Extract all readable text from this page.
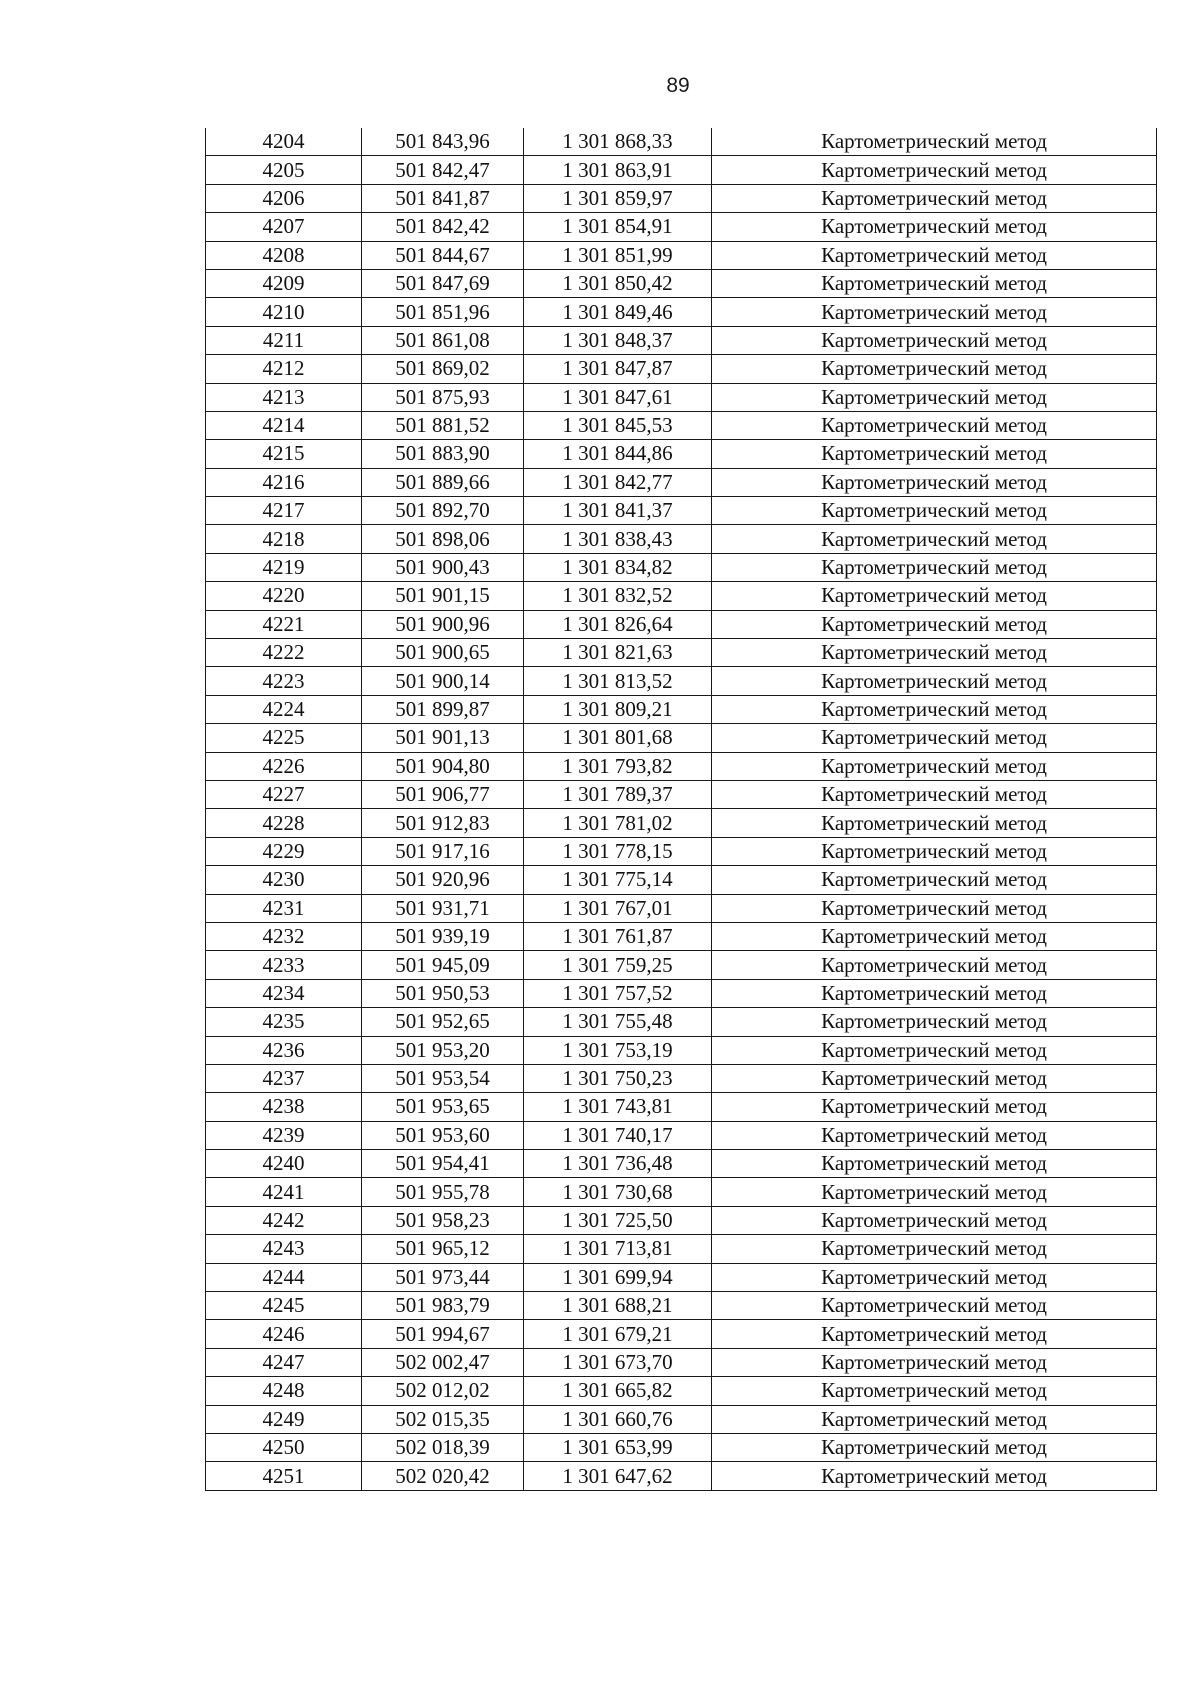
89
4204	501 843,96	1 301 868,33	Картометрический метод
4205	501 842,47	1 301 863,91	Картометрический метод
4206	501 841,87	1 301 859,97	Картометрический метод
4207	501 842,42	1 301 854,91	Картометрический метод
4208	501 844,67	1 301 851,99	Картометрический метод
4209	501 847,69	1 301 850,42	Картометрический метод
4210	501 851,96	1 301 849,46	Картометрический метод
4211	501 861,08	1 301 848,37	Картометрический метод
4212	501 869,02	1 301 847,87	Картометрический метод
4213	501 875,93	1 301 847,61	Картометрический метод
4214	501 881,52	1 301 845,53	Картометрический метод
4215	501 883,90	1 301 844,86	Картометрический метод
4216	501 889,66	1 301 842,77	Картометрический метод
4217	501 892,70	1 301 841,37	Картометрический метод
4218	501 898,06	1 301 838,43	Картометрический метод
4219	501 900,43	1 301 834,82	Картометрический метод
4220	501 901,15	1 301 832,52	Картометрический метод
4221	501 900,96	1 301 826,64	Картометрический метод
4222	501 900,65	1 301 821,63	Картометрический метод
4223	501 900,14	1 301 813,52	Картометрический метод
4224	501 899,87	1 301 809,21	Картометрический метод
4225	501 901,13	1 301 801,68	Картометрический метод
4226	501 904,80	1 301 793,82	Картометрический метод
4227	501 906,77	1 301 789,37	Картометрический метод
4228	501 912,83	1 301 781,02	Картометрический метод
4229	501 917,16	1 301 778,15	Картометрический метод
4230	501 920,96	1 301 775,14	Картометрический метод
4231	501 931,71	1 301 767,01	Картометрический метод
4232	501 939,19	1 301 761,87	Картометрический метод
4233	501 945,09	1 301 759,25	Картометрический метод
4234	501 950,53	1 301 757,52	Картометрический метод
4235	501 952,65	1 301 755,48	Картометрический метод
4236	501 953,20	1 301 753,19	Картометрический метод
4237	501 953,54	1 301 750,23	Картометрический метод
4238	501 953,65	1 301 743,81	Картометрический метод
4239	501 953,60	1 301 740,17	Картометрический метод
4240	501 954,41	1 301 736,48	Картометрический метод
4241	501 955,78	1 301 730,68	Картометрический метод
4242	501 958,23	1 301 725,50	Картометрический метод
4243	501 965,12	1 301 713,81	Картометрический метод
4244	501 973,44	1 301 699,94	Картометрический метод
4245	501 983,79	1 301 688,21	Картометрический метод
4246	501 994,67	1 301 679,21	Картометрический метод
4247	502 002,47	1 301 673,70	Картометрический метод
4248	502 012,02	1 301 665,82	Картометрический метод
4249	502 015,35	1 301 660,76	Картометрический метод
4250	502 018,39	1 301 653,99	Картометрический метод
4251	502 020,42	1 301 647,62	Картометрический метод
